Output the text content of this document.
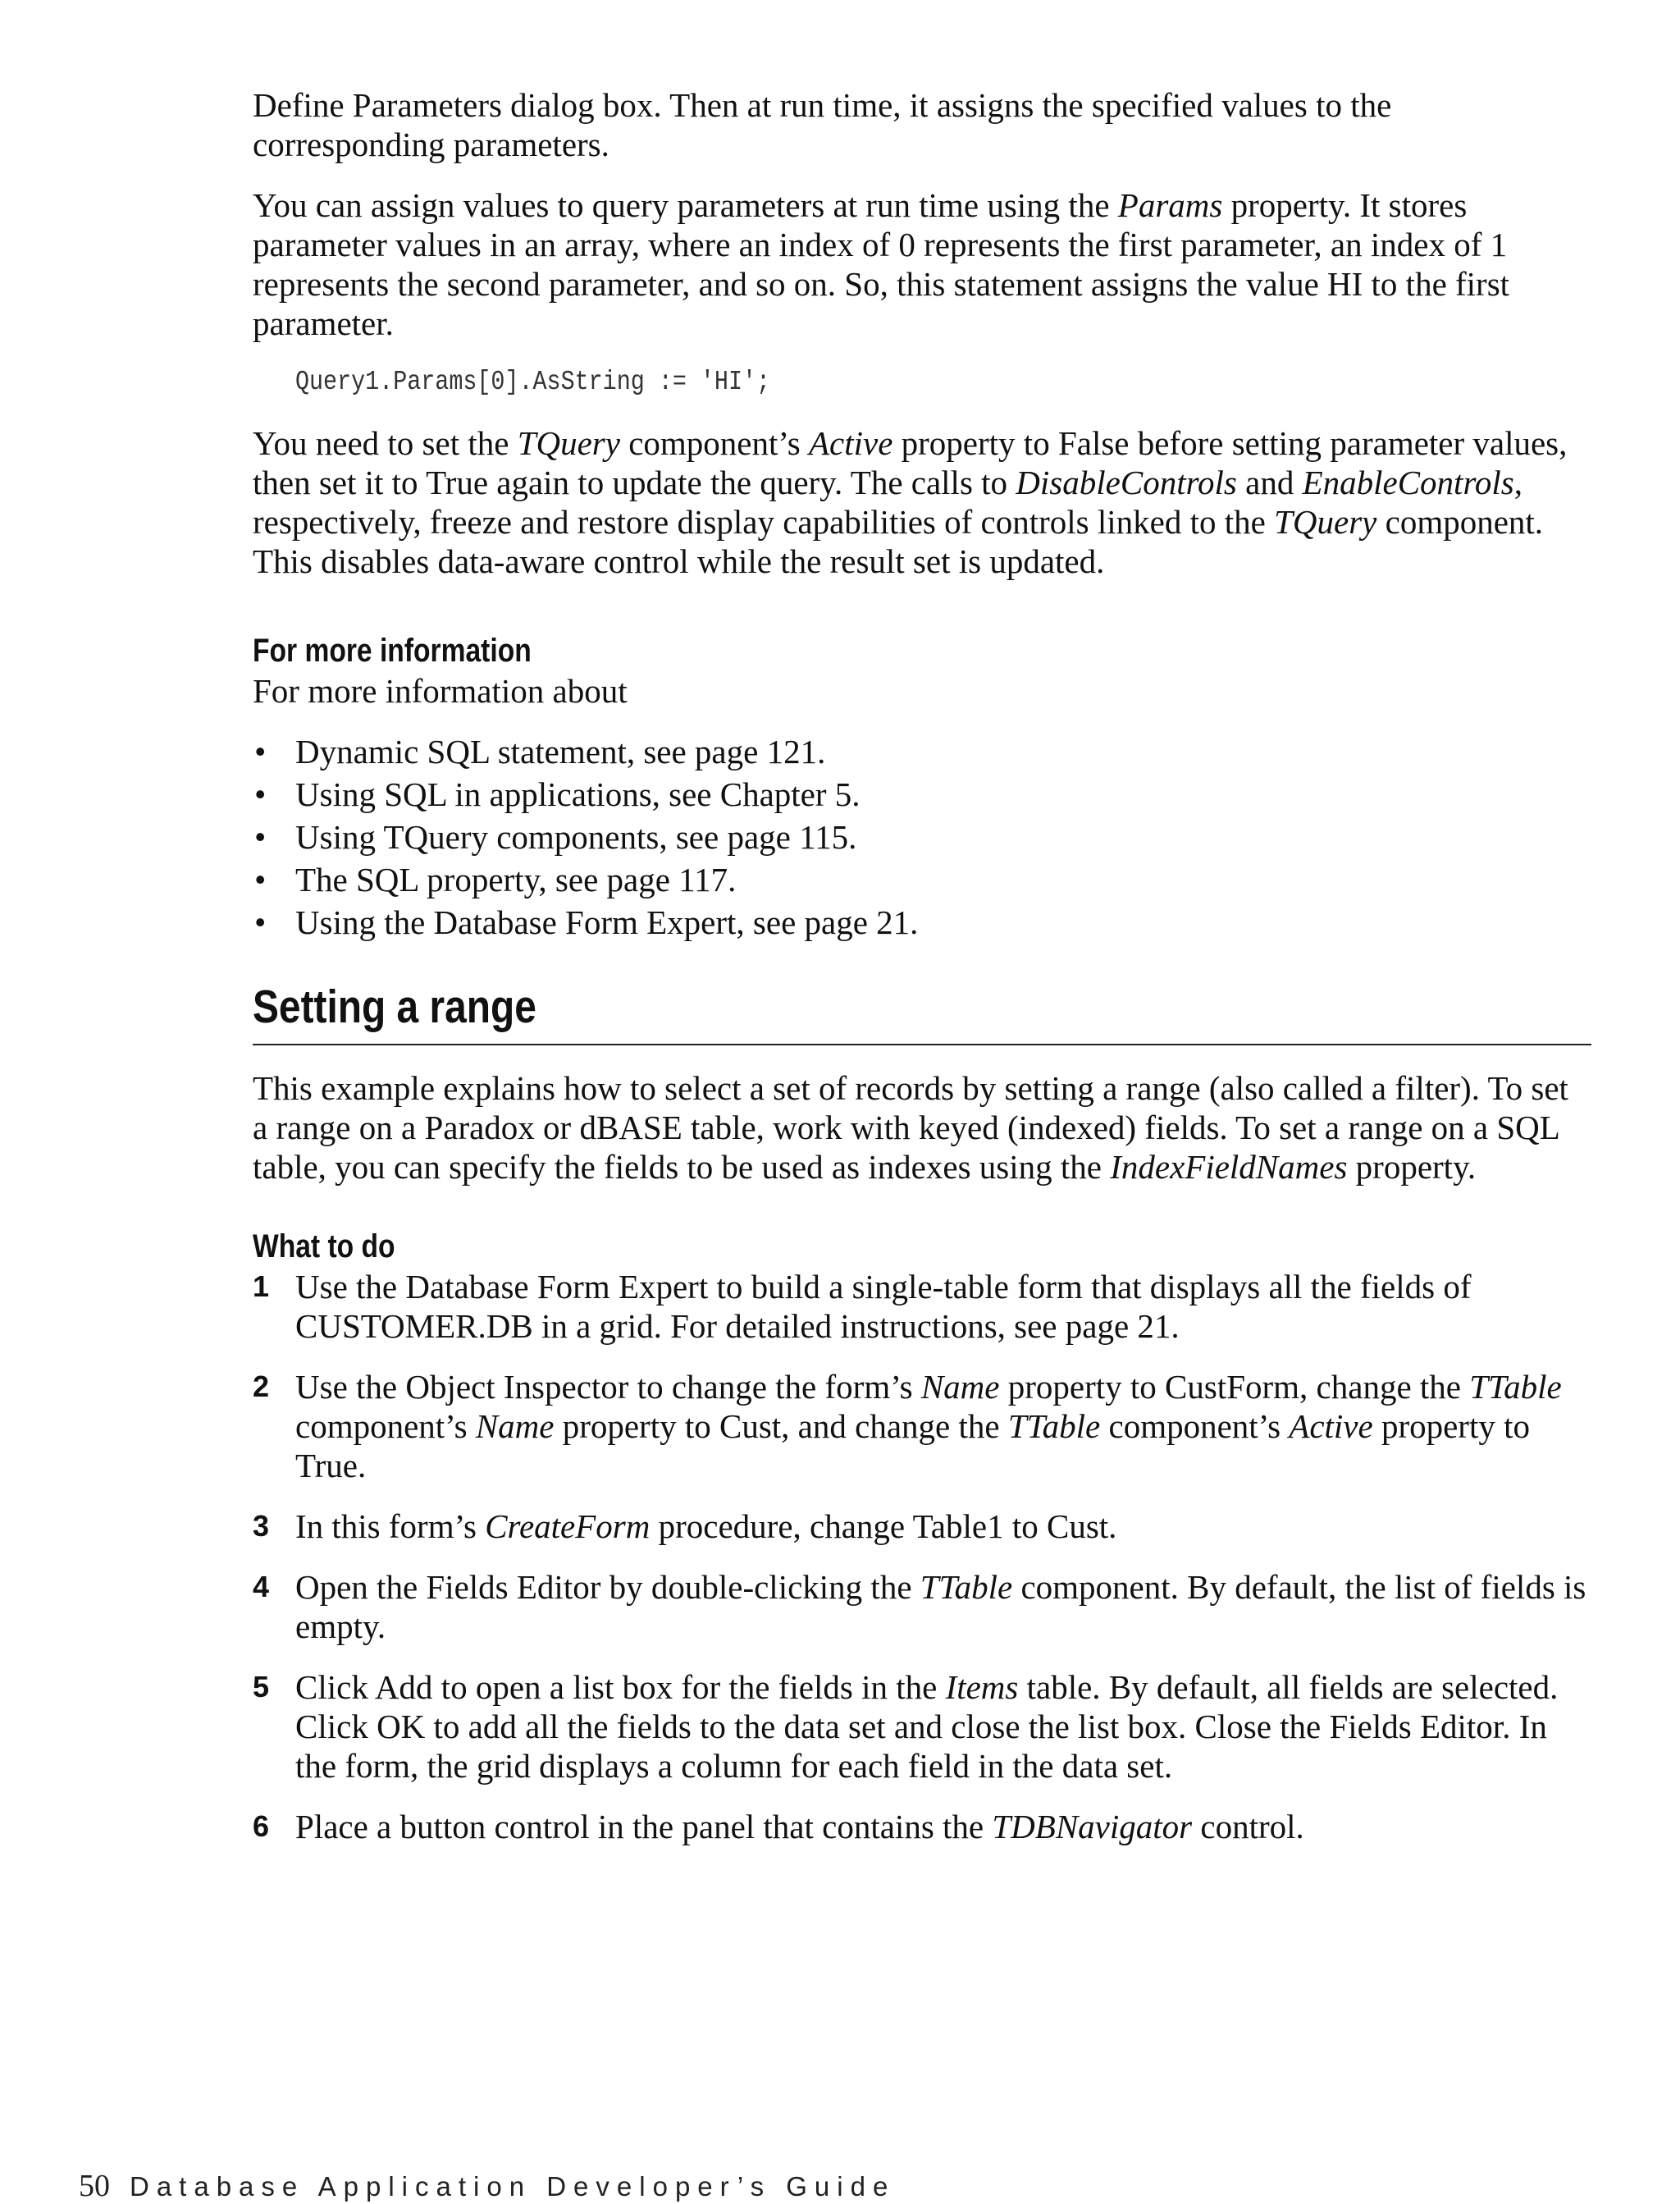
Define Parameters dialog box. Then at run time, it assigns the specified values to the corresponding parameters.

You can assign values to query parameters at run time using the Params property. It stores parameter values in an array, where an index of 0 represents the first parameter, an index of 1 represents the second parameter, and so on. So, this statement assigns the value HI to the first parameter.

Query1.Params[0].AsString := 'HI';

You need to set the TQuery component’s Active property to False before setting parameter values, then set it to True again to update the query. The calls to DisableControls and EnableControls, respectively, freeze and restore display capabilities of controls linked to the TQuery component. This disables data-aware control while the result set is updated.

For more information

For more information about

• Dynamic SQL statement, see page 121.
• Using SQL in applications, see Chapter 5.
• Using TQuery components, see page 115.
• The SQL property, see page 117.
• Using the Database Form Expert, see page 21.
Setting a range

This example explains how to select a set of records by setting a range (also called a filter). To set a range on a Paradox or dBASE table, work with keyed (indexed) fields. To set a range on a SQL table, you can specify the fields to be used as indexes using the IndexFieldNames property.

What to do
1 Use the Database Form Expert to build a single-table form that displays all the fields of CUSTOMER.DB in a grid. For detailed instructions, see page 21.
2 Use the Object Inspector to change the form’s Name property to CustForm, change the TTable component’s Name property to Cust, and change the TTable component’s Active property to True.
3 In this form’s CreateForm procedure, change Table1 to Cust.
4 Open the Fields Editor by double-clicking the TTable component. By default, the list of fields is empty.
5 Click Add to open a list box for the fields in the Items table. By default, all fields are selected. Click OK to add all the fields to the data set and close the list box. Close the Fields Editor. In the form, the grid displays a column for each field in the data set.
6 Place a button control in the panel that contains the TDBNavigator control.
50 Database Application Developer’s Guide
